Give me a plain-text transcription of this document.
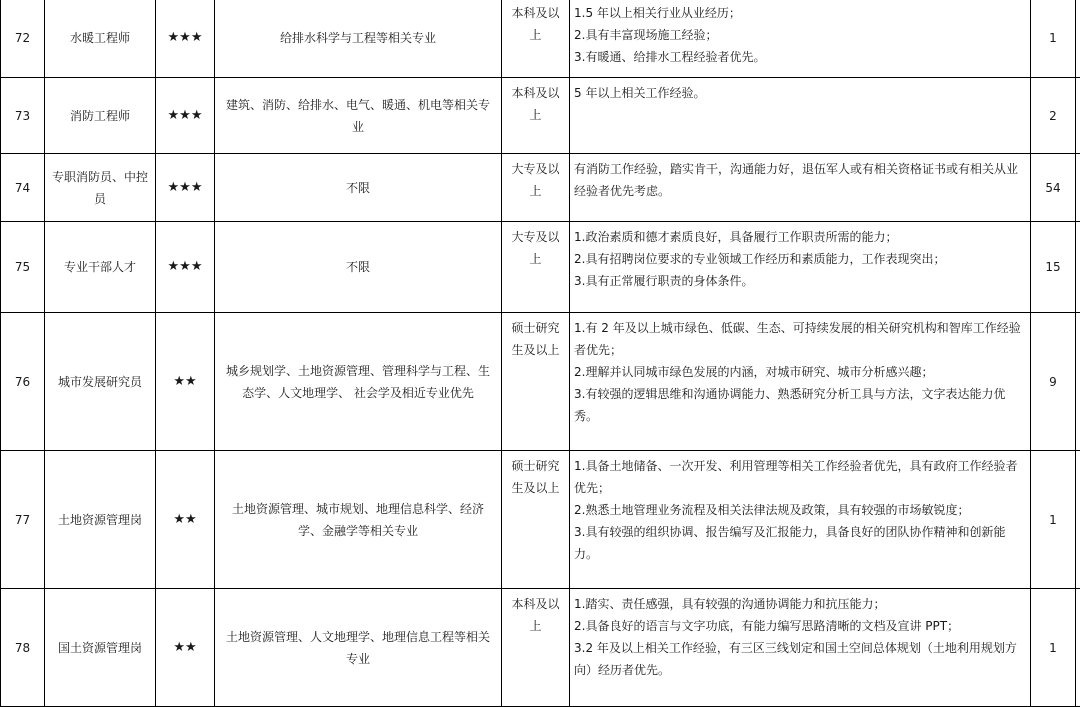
72	水暖工程师	★★★	给排水科学与工程等相关专业	本科及以上	1.5 年以上相关行业从业经历；
2.具有丰富现场施工经验；
3.有暖通、给排水工程经验者优先。	1	
73	消防工程师	★★★	建筑、消防、给排水、电气、暖通、机电等相关专业	本科及以上	5 年以上相关工作经验。	2	
74	专职消防员、中控员	★★★	不限	大专及以上	有消防工作经验，踏实肯干，沟通能力好，退伍军人或有相关资格证书或有相关从业经验者优先考虑。	54	
75	专业干部人才	★★★	不限	大专及以上	1.政治素质和德才素质良好，具备履行工作职责所需的能力；
2.具有招聘岗位要求的专业领域工作经历和素质能力，工作表现突出；
3.具有正常履行职责的身体条件。	15	
76	城市发展研究员	★★	城乡规划学、土地资源管理、管理科学与工程、生态学、人文地理学、 社会学及相近专业优先	硕士研究生及以上	1.有 2 年及以上城市绿色、低碳、生态、可持续发展的相关研究机构和智库工作经验者优先；
2.理解并认同城市绿色发展的内涵，对城市研究、城市分析感兴趣；
3.有较强的逻辑思维和沟通协调能力、熟悉研究分析工具与方法，文字表达能力优秀。	9	
77	土地资源管理岗	★★	土地资源管理、城市规划、地理信息科学、经济学、金融学等相关专业	硕士研究生及以上	1.具备土地储备、一次开发、利用管理等相关工作经验者优先，具有政府工作经验者优先；
2.熟悉土地管理业务流程及相关法律法规及政策，具有较强的市场敏锐度；
3.具有较强的组织协调、报告编写及汇报能力，具备良好的团队协作精神和创新能力。	1	
78	国土资源管理岗	★★	土地资源管理、人文地理学、地理信息工程等相关专业	本科及以上	1.踏实、责任感强，具有较强的沟通协调能力和抗压能力；
2.具备良好的语言与文字功底，有能力编写思路清晰的文档及宣讲 PPT；
3.2 年及以上相关工作经验，有三区三线划定和国土空间总体规划（土地利用规划方向）经历者优先。	1	
